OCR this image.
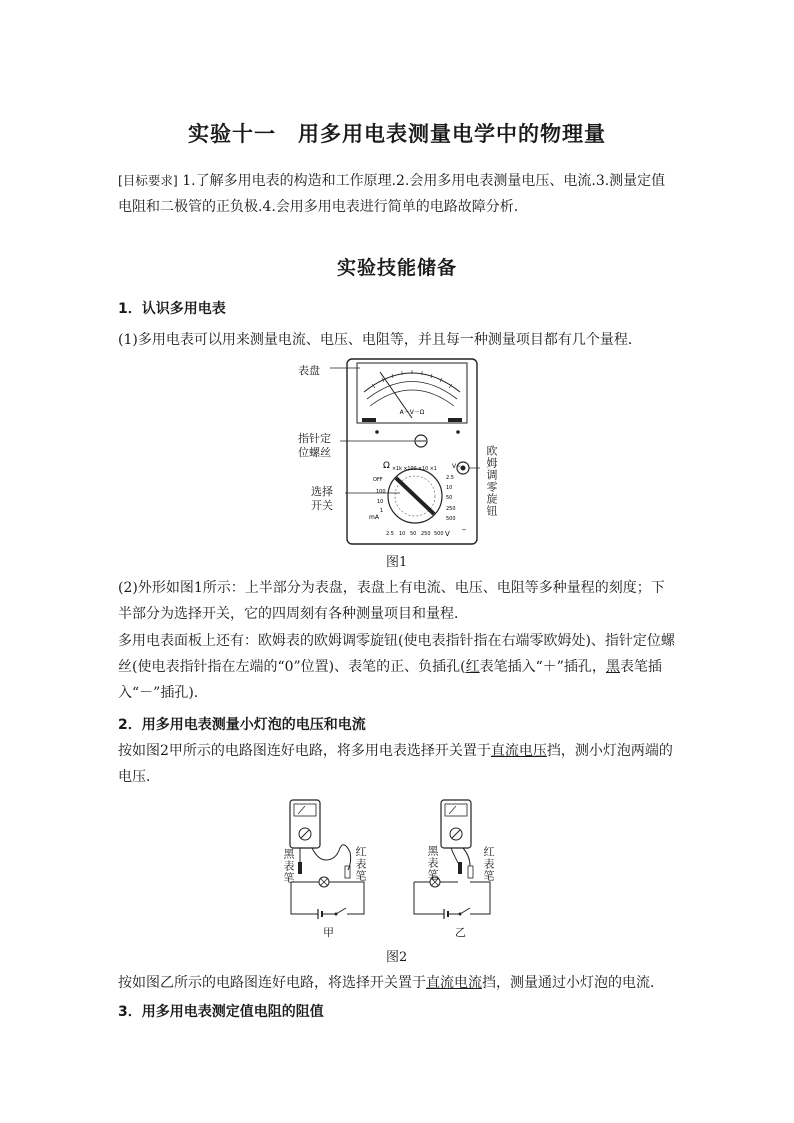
实验十一　用多用电表测量电学中的物理量
[目标要求] 1.了解多用电表的构造和工作原理.2.会用多用电表测量电压、电流.3.测量定值电阻和二极管的正负极.4.会用多用电表进行简单的电路故障分析.
实验技能储备
1．认识多用电表
(1)多用电表可以用来测量电流、电压、电阻等，并且每一种测量项目都有几个量程．
表盘
指针定
位螺丝
选择
开关	欧姆调零旋钮
A－V－Ω
Ω ×1k ×100 ×10 ×1
OFF
V~
100
10
1
mA
2.5
10
50
250
500
2.5 10 50 250 500 V –
图1
(2)外形如图1所示：上半部分为表盘，表盘上有电流、电压、电阻等多种量程的刻度；下半部分为选择开关，它的四周刻有各种测量项目和量程．
多用电表面板上还有：欧姆表的欧姆调零旋钮(使电表指针指在右端零欧姆处)、指针定位螺丝(使电表指针指在左端的“0”位置)、表笔的正、负插孔(红表笔插入“＋”插孔，黑表笔插入“－”插孔).
2．用多用电表测量小灯泡的电压和电流
按如图2甲所示的电路图连好电路，将多用电表选择开关置于直流电压挡，测小灯泡两端的电压．
黑表笔	红表笔
甲
黑表笔	红表笔
乙
图2
按如图乙所示的电路图连好电路，将选择开关置于直流电流挡，测量通过小灯泡的电流．
3．用多用电表测定值电阻的阻值
